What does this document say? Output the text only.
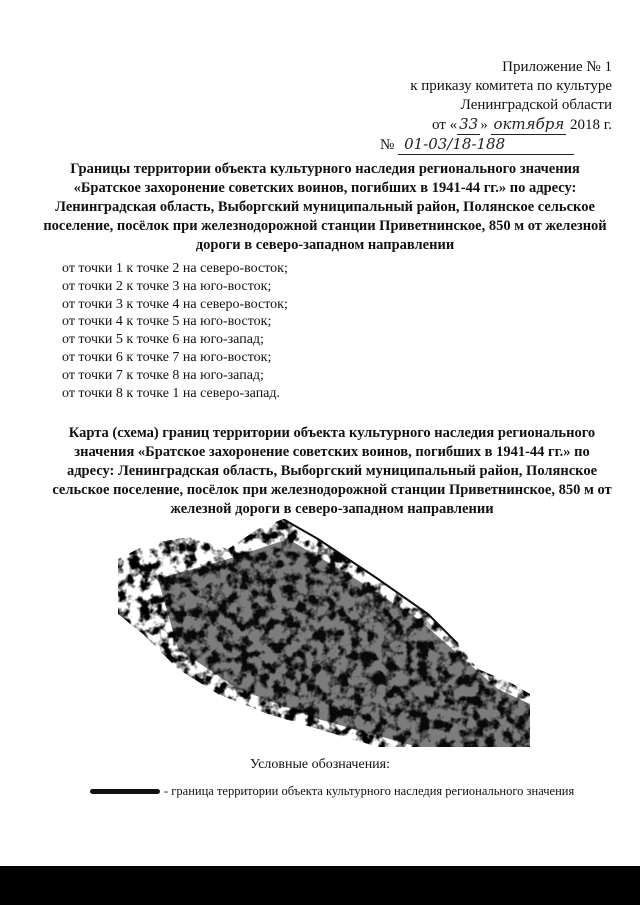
Приложение № 1
к приказу комитета по культуре
Ленинградской области
от « 33 » октября 2018 г.
№ 01-03/18-188
Границы территории объекта культурного наследия регионального значения «Братское захоронение советских воинов, погибших в 1941-44 гг.» по адресу: Ленинградская область, Выборгский муниципальный район, Полянское сельское поселение, посёлок при железнодорожной станции Приветнинское, 850 м от железной дороги в северо-западном направлении
от точки 1 к точке 2 на северо-восток;
от точки 2 к точке 3 на юго-восток;
от точки 3 к точке 4 на северо-восток;
от точки 4 к точке 5 на юго-восток;
от точки 5 к точке 6 на юго-запад;
от точки 6 к точке 7 на юго-восток;
от точки 7 к точке 8 на юго-запад;
от точки 8 к точке 1 на северо-запад.
Карта (схема) границ территории объекта культурного наследия регионального значения «Братское захоронение советских воинов, погибших в 1941-44 гг.» по адресу: Ленинградская область, Выборгский муниципальный район, Полянское сельское поселение, посёлок при железнодорожной станции Приветнинское, 850 м от железной дороги в северо-западном направлении
Условные обозначения:
- граница территории объекта культурного наследия регионального значения
